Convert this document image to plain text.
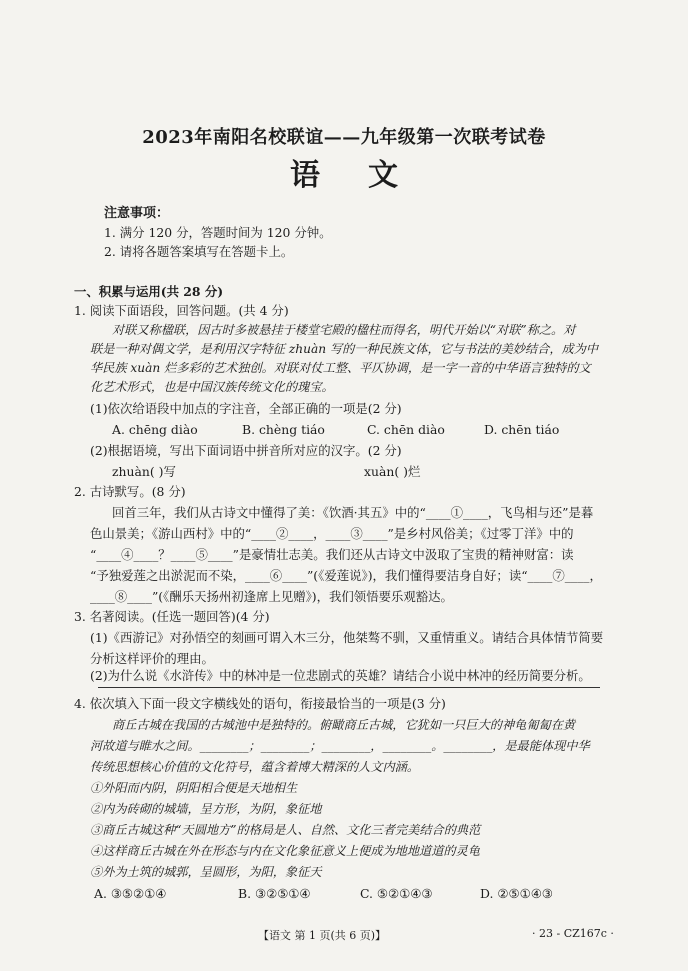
2023年南阳名校联谊——九年级第一次联考试卷
语文
注意事项：
1. 满分 120 分，答题时间为 120 分钟。
2. 请将各题答案填写在答题卡上。
一、积累与运用(共 28 分)
1. 阅读下面语段，回答问题。(共 4 分)
对联又称楹联，因古时多被悬挂于楼堂宅殿的楹柱而得名，明代开始以“对联”称之。对
联是一种对偶文学，是利用汉字特征 zhuàn 写的一种民族文体，它与书法的美妙结合，成为中
华民族 xuàn 烂多彩的艺术独创。对联对仗工整、平仄协调，是一字一音的中华语言独特的文
化艺术形式，也是中国汉族传统文化的瑰宝。
(1)依次给语段中加点的字注音，全部正确的一项是(2 分)
A. chēng diào	B. chèng tiáo	C. chēn diào	D. chēn tiáo
(2)根据语境，写出下面词语中拼音所对应的汉字。(2 分)
zhuàn( )写	xuàn( )烂
2. 古诗默写。(8 分)
回首三年，我们从古诗文中懂得了美：《饮酒·其五》中的“____①____，飞鸟相与还”是暮
色山景美；《游山西村》中的“____②____，____③____”是乡村风俗美；《过零丁洋》中的
“____④____？____⑤____”是豪情壮志美。我们还从古诗文中汲取了宝贵的精神财富：读
“予独爱莲之出淤泥而不染，____⑥____”(《爱莲说》)，我们懂得要洁身自好；读“____⑦____，
____⑧____”(《酬乐天扬州初逢席上见赠》)，我们领悟要乐观豁达。
3. 名著阅读。(任选一题回答)(4 分)
(1)《西游记》对孙悟空的刻画可谓入木三分，他桀骜不驯，又重情重义。请结合具体情节简要
分析这样评价的理由。
(2)为什么说《水浒传》中的林冲是一位悲剧式的英雄？请结合小说中林冲的经历简要分析。
4. 依次填入下面一段文字横线处的语句，衔接最恰当的一项是(3 分)
商丘古城在我国的古城池中是独特的。俯瞰商丘古城，它犹如一只巨大的神龟匍匐在黄
河故道与睢水之间。________；________；________，________。________，是最能体现中华
传统思想核心价值的文化符号，蕴含着博大精深的人文内涵。
①外阳而内阴，阴阳相合便是天地相生
②内为砖砌的城墙，呈方形，为阴，象征地
③商丘古城这种“天圆地方”的格局是人、自然、文化三者完美结合的典范
④这样商丘古城在外在形态与内在文化象征意义上便成为地地道道的灵龟
⑤外为土筑的城郭，呈圆形，为阳，象征天
A. ③⑤②①④	B. ③②⑤①④	C. ⑤②①④③	D. ②⑤①④③
【语文 第 1 页(共 6 页)】	· 23 - CZ167c ·
